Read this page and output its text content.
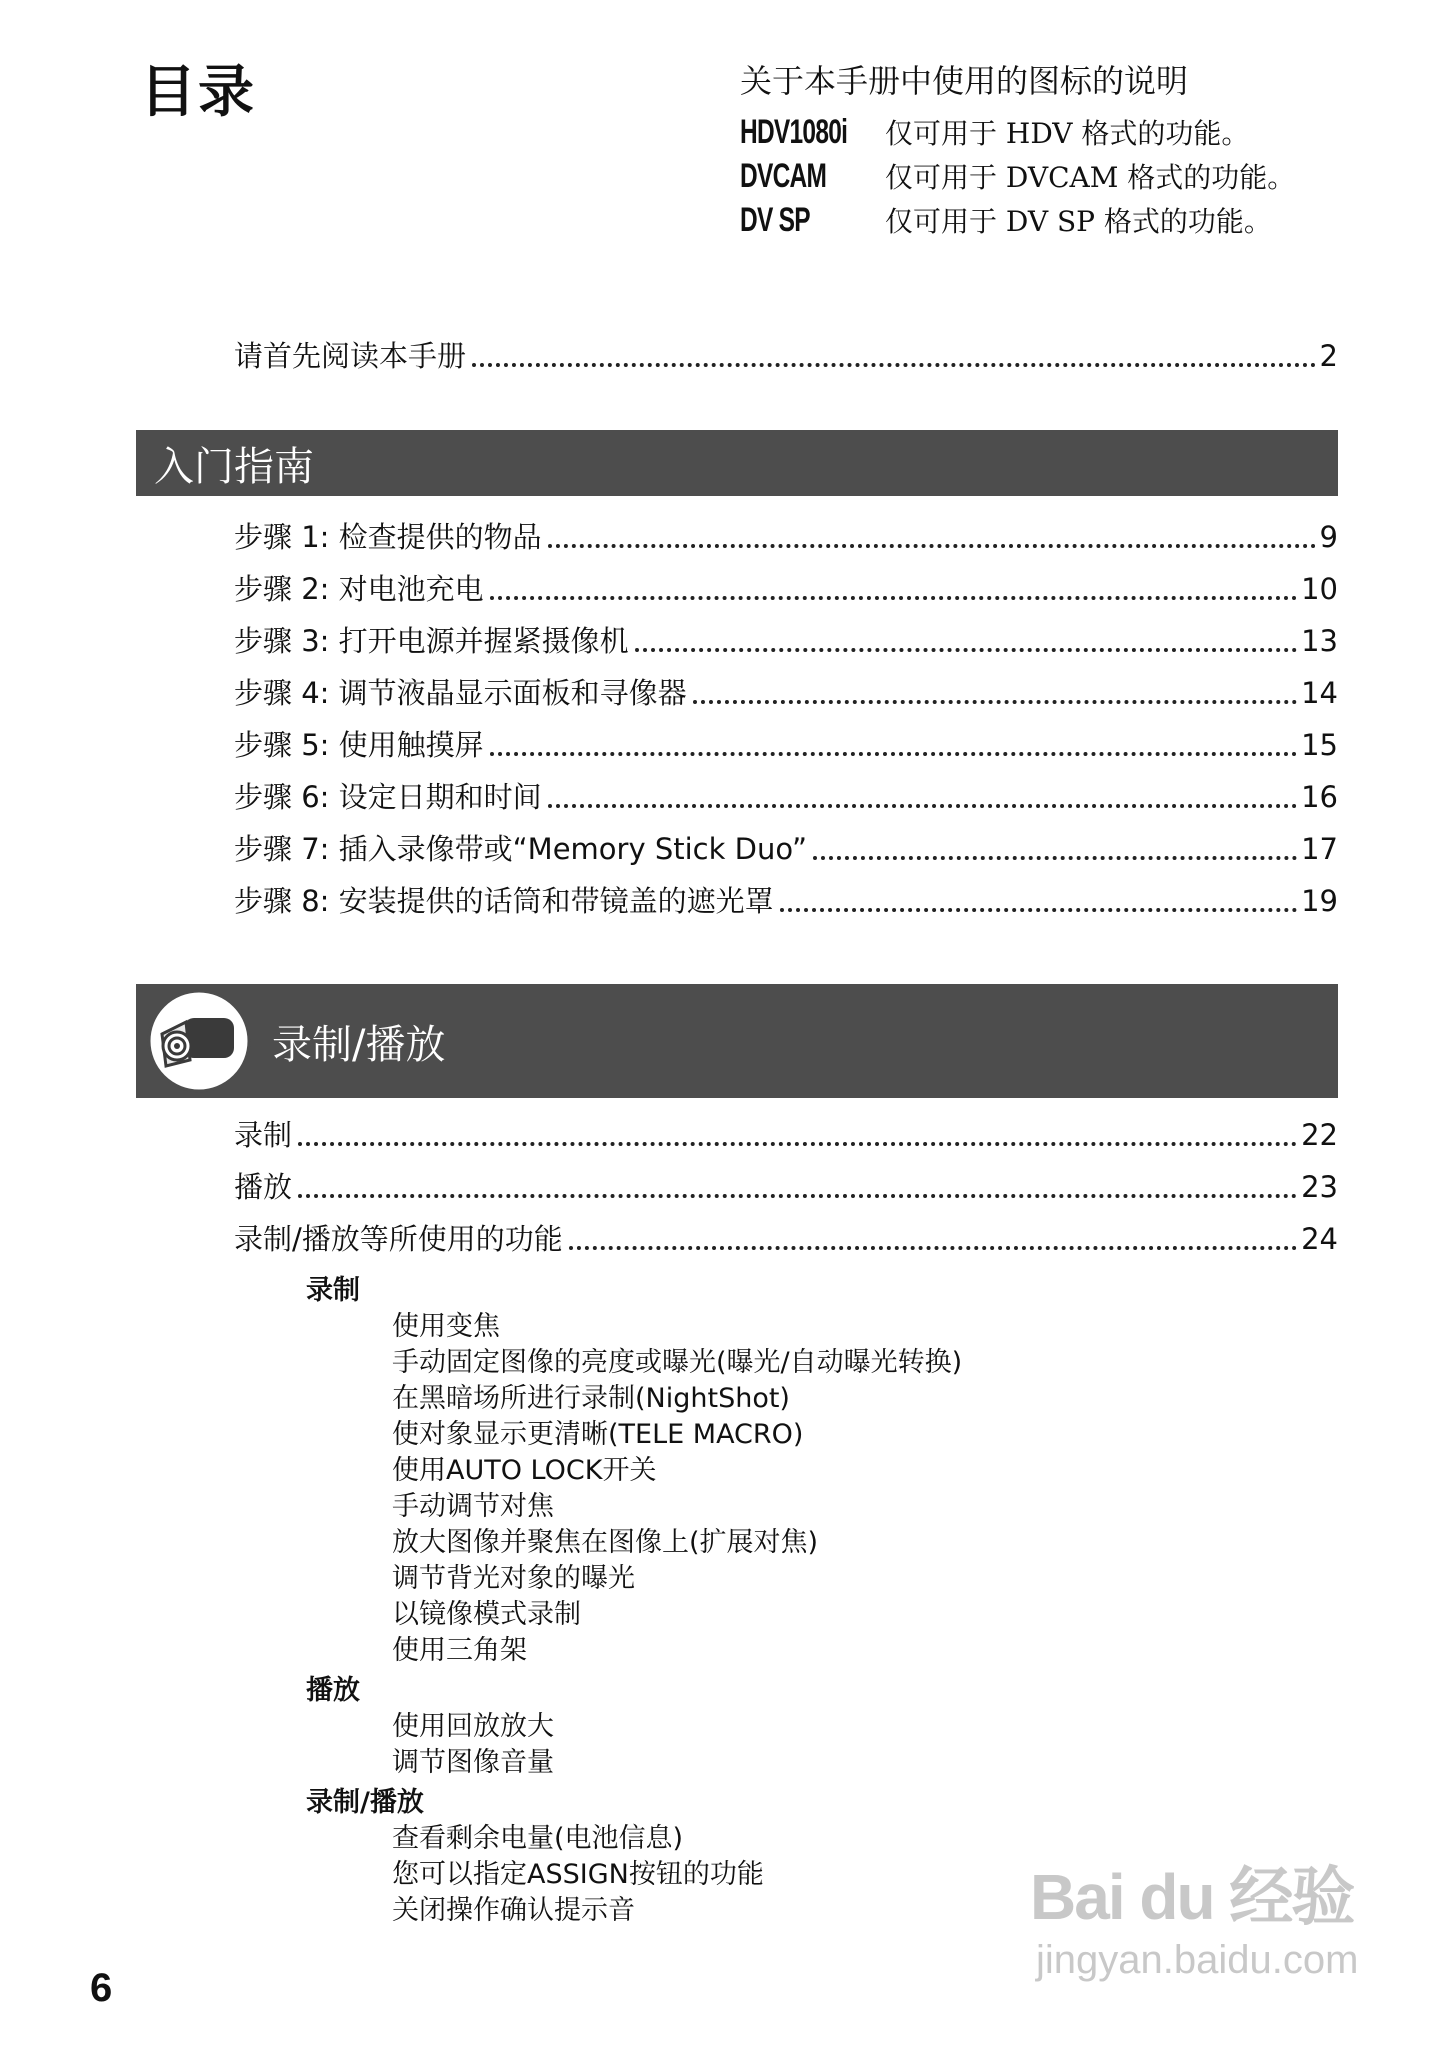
目录	关于本手册中使用的图标的说明
HDV1080i 仅可用于 HDV 格式的功能。
DVCAM	仅可用于 DVCAM 格式的功能。
DV SP	仅可用于 DV SP 格式的功能。
请首先阅读本手册	2
入门指南
步骤 1: 检查提供的物品	9
步骤 2: 对电池充电	10
步骤 3: 打开电源并握紧摄像机	13
步骤 4: 调节液晶显示面板和寻像器	14
步骤 5: 使用触摸屏	15
步骤 6: 设定日期和时间	16
步骤 7: 插入录像带或“Memory Stick Duo”	17
步骤 8: 安装提供的话筒和带镜盖的遮光罩	19
录制/播放
录制	22
播放	23
录制/播放等所使用的功能	24
录制
使用变焦
手动固定图像的亮度或曝光(曝光/自动曝光转换)
在黑暗场所进行录制(NightShot)
使对象显示更清晰(TELE MACRO)
使用AUTO LOCK开关
手动调节对焦
放大图像并聚焦在图像上(扩展对焦)
调节背光对象的曝光
以镜像模式录制
使用三角架
播放
使用回放放大
调节图像音量
录制/播放
查看剩余电量(电池信息)
您可以指定ASSIGN按钮的功能
关闭操作确认提示音
6
Bai du 经验
jingyan.baidu.com
